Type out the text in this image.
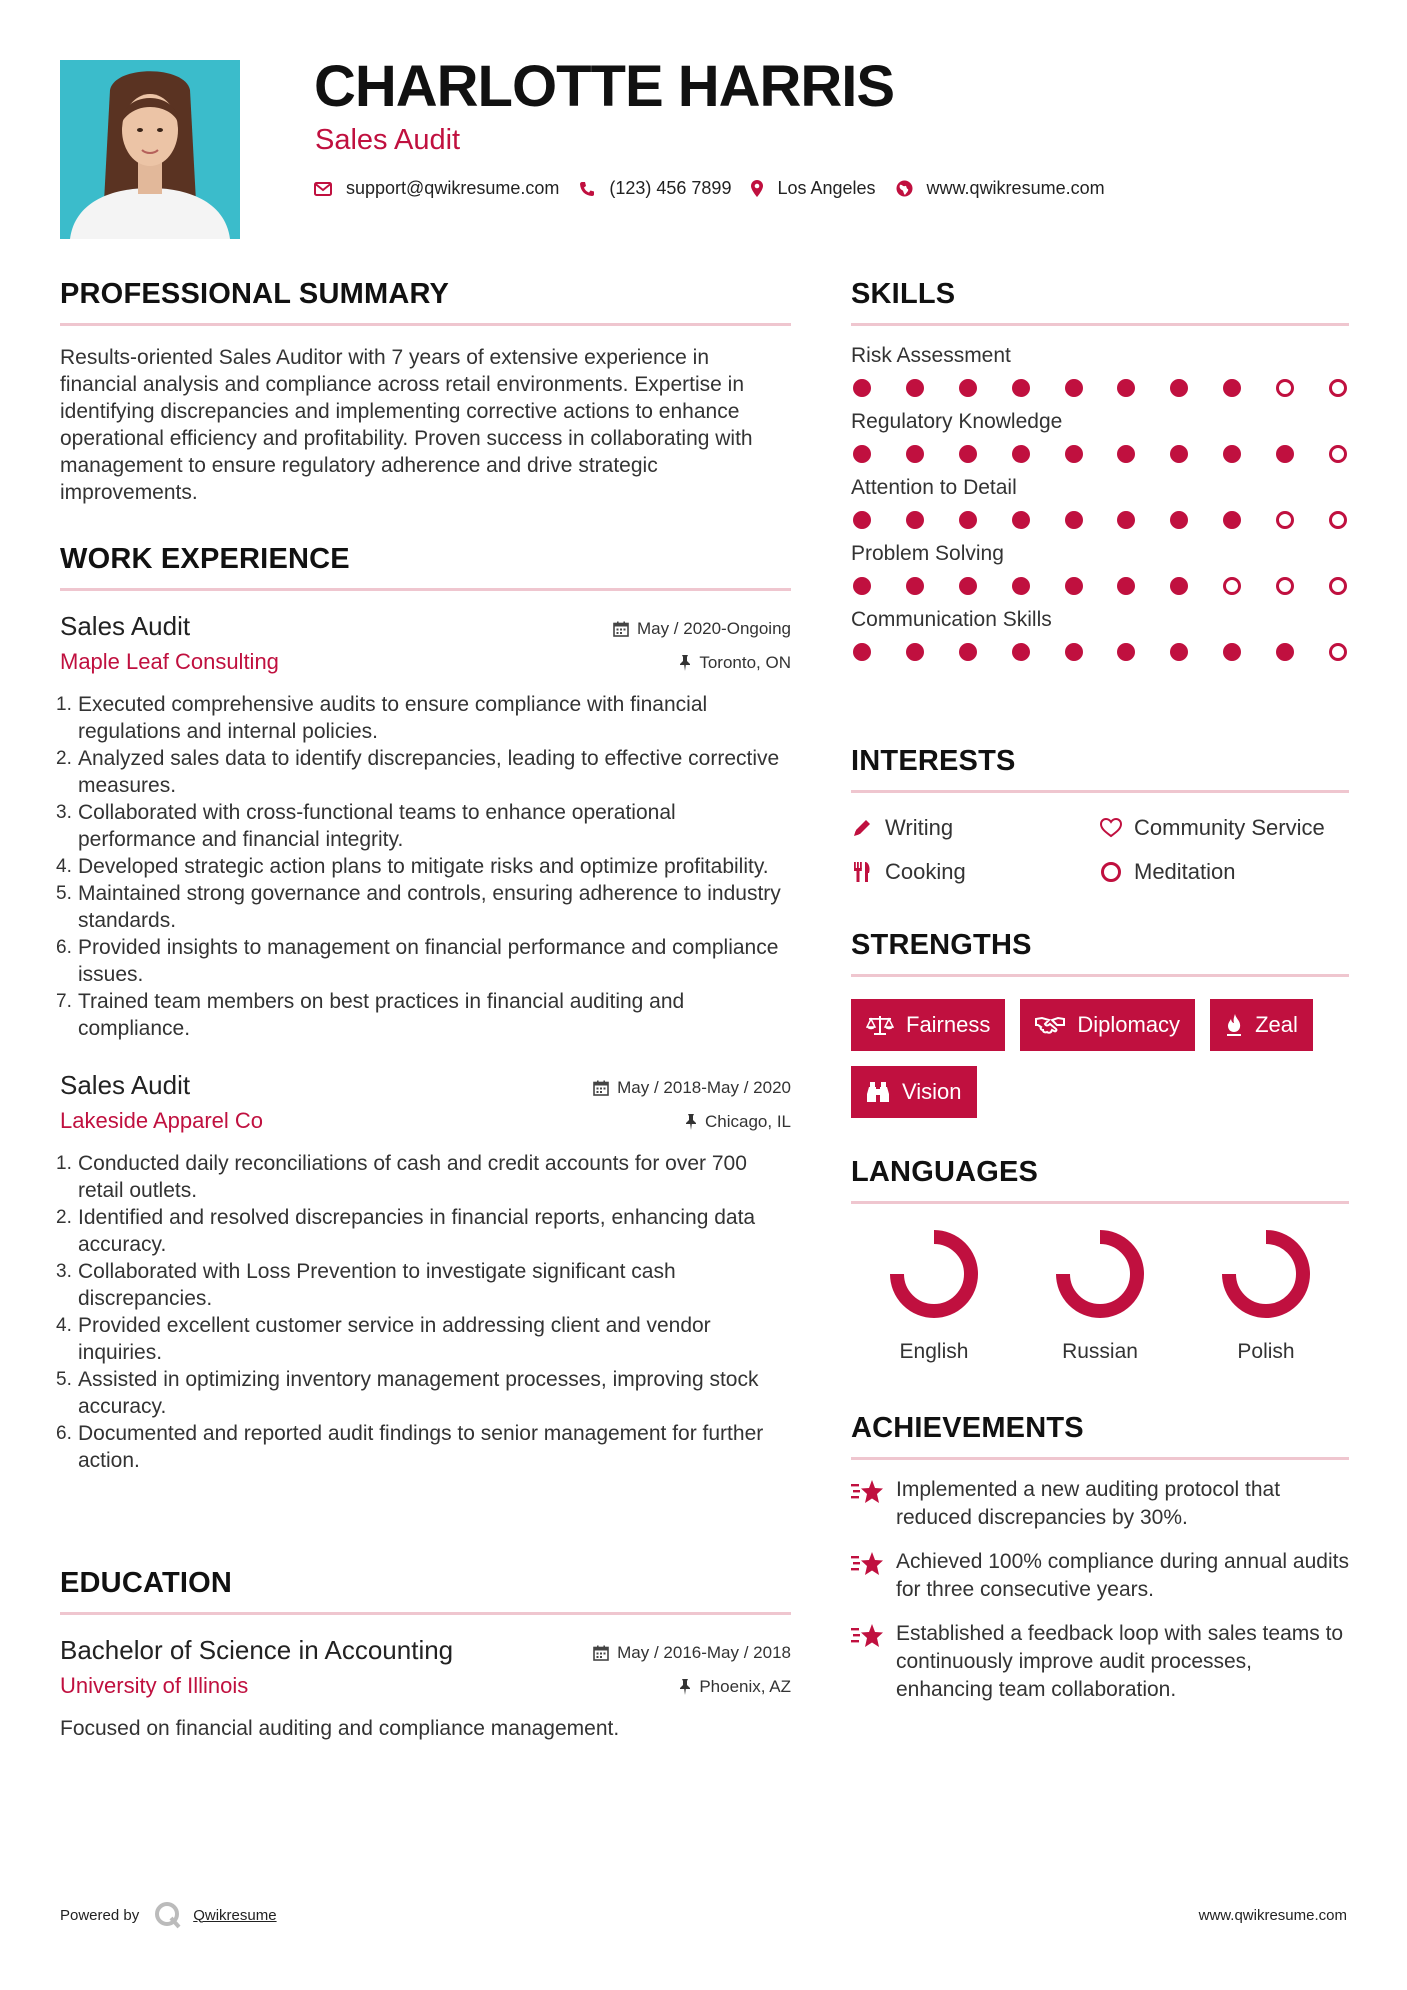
CHARLOTTE HARRIS
Sales Audit
support@qwikresume.com	(123) 456 7899	Los Angeles	www.qwikresume.com
PROFESSIONAL SUMMARY
Results-oriented Sales Auditor with 7 years of extensive experience in financial analysis and compliance across retail environments. Expertise in identifying discrepancies and implementing corrective actions to enhance operational efficiency and profitability. Proven success in collaborating with management to ensure regulatory adherence and drive strategic improvements.
WORK EXPERIENCE
Sales Audit	May / 2020-Ongoing
Maple Leaf Consulting	Toronto, ON
1. Executed comprehensive audits to ensure compliance with financial regulations and internal policies.
2. Analyzed sales data to identify discrepancies, leading to effective corrective measures.
3. Collaborated with cross-functional teams to enhance operational performance and financial integrity.
4. Developed strategic action plans to mitigate risks and optimize profitability.
5. Maintained strong governance and controls, ensuring adherence to industry standards.
6. Provided insights to management on financial performance and compliance issues.
7. Trained team members on best practices in financial auditing and compliance.
Sales Audit	May / 2018-May / 2020
Lakeside Apparel Co	Chicago, IL
1. Conducted daily reconciliations of cash and credit accounts for over 700 retail outlets.
2. Identified and resolved discrepancies in financial reports, enhancing data accuracy.
3. Collaborated with Loss Prevention to investigate significant cash discrepancies.
4. Provided excellent customer service in addressing client and vendor inquiries.
5. Assisted in optimizing inventory management processes, improving stock accuracy.
6. Documented and reported audit findings to senior management for further action.
EDUCATION
Bachelor of Science in Accounting	May / 2016-May / 2018
University of Illinois	Phoenix, AZ
Focused on financial auditing and compliance management.
SKILLS
Risk Assessment
Regulatory Knowledge
Attention to Detail
Problem Solving
Communication Skills
INTERESTS
Writing	Community Service
Cooking	Meditation
STRENGTHS
Fairness	Diplomacy	Zeal
Vision
LANGUAGES
English	Russian	Polish
ACHIEVEMENTS
Implemented a new auditing protocol that reduced discrepancies by 30%.
Achieved 100% compliance during annual audits for three consecutive years.
Established a feedback loop with sales teams to continuously improve audit processes, enhancing team collaboration.
Powered by	Qwikresume	www.qwikresume.com
